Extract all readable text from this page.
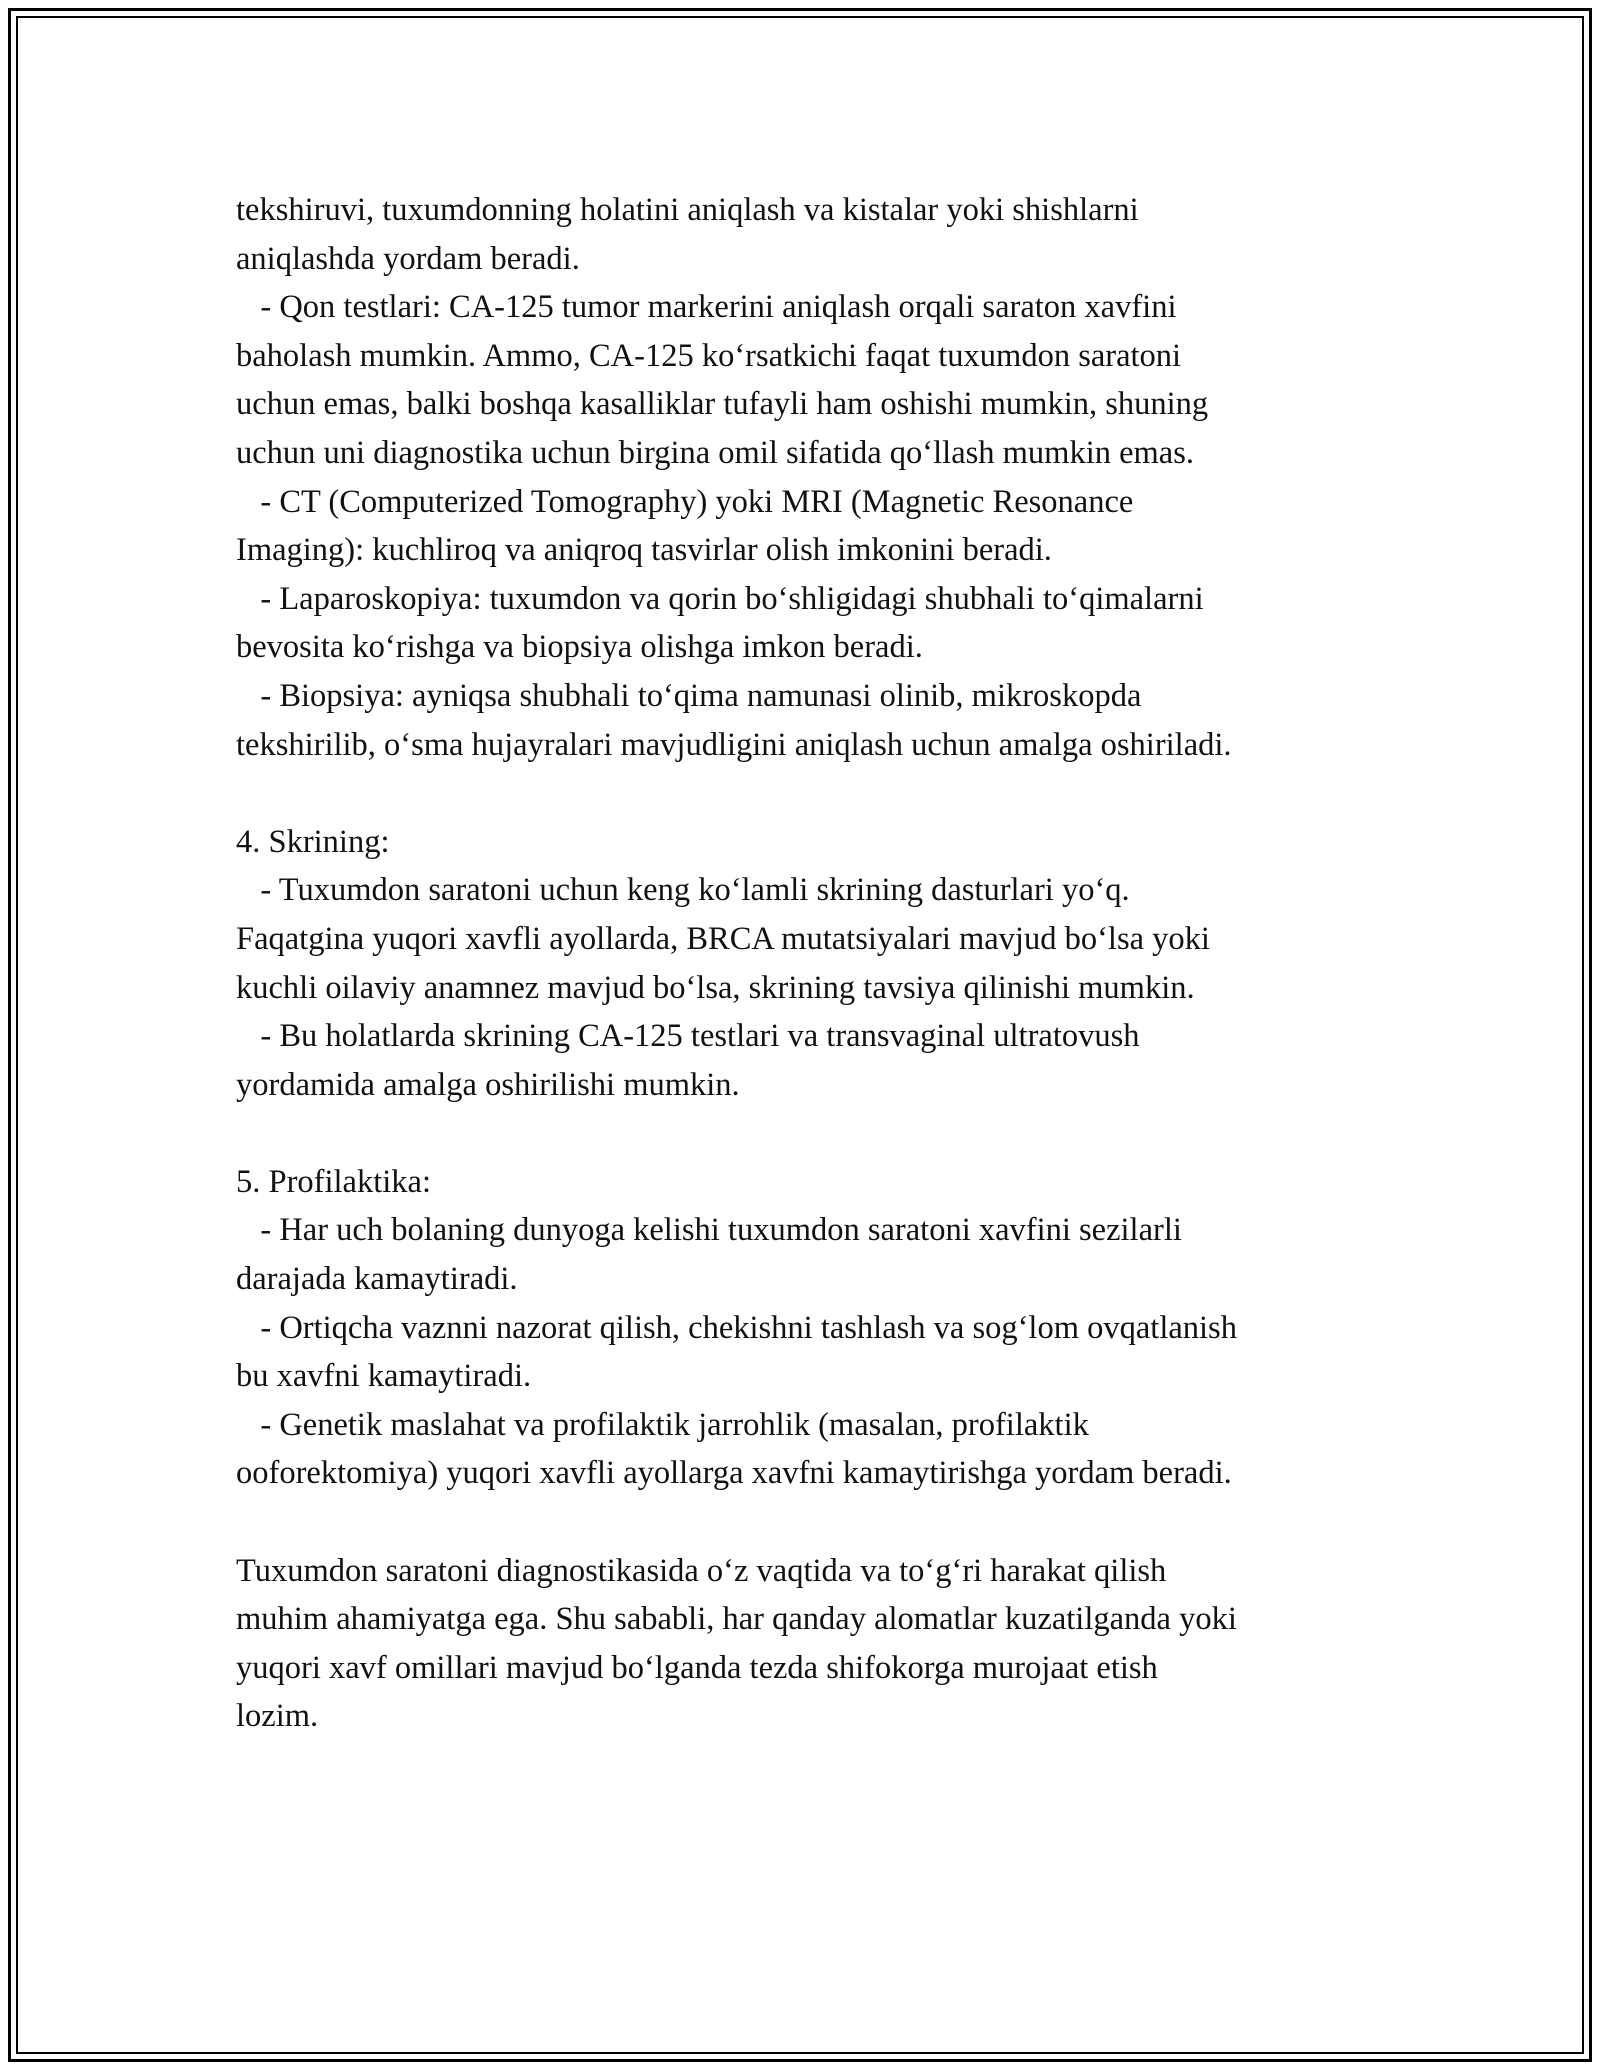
tekshiruvi, tuxumdonning holatini aniqlash va kistalar yoki shishlarni
aniqlashda yordam beradi.
- Qon testlari: CA-125 tumor markerini aniqlash orqali saraton xavfini
baholash mumkin. Ammo, CA-125 koʻrsatkichi faqat tuxumdon saratoni
uchun emas, balki boshqa kasalliklar tufayli ham oshishi mumkin, shuning
uchun uni diagnostika uchun birgina omil sifatida qoʻllash mumkin emas.
- CT (Computerized Tomography) yoki MRI (Magnetic Resonance
Imaging): kuchliroq va aniqroq tasvirlar olish imkonini beradi.
- Laparoskopiya: tuxumdon va qorin boʻshligidagi shubhali toʻqimalarni
bevosita koʻrishga va biopsiya olishga imkon beradi.
- Biopsiya: ayniqsa shubhali toʻqima namunasi olinib, mikroskopda
tekshirilib, oʻsma hujayralari mavjudligini aniqlash uchun amalga oshiriladi.
4. Skrining:
- Tuxumdon saratoni uchun keng koʻlamli skrining dasturlari yoʻq.
Faqatgina yuqori xavfli ayollarda, BRCA mutatsiyalari mavjud boʻlsa yoki
kuchli oilaviy anamnez mavjud boʻlsa, skrining tavsiya qilinishi mumkin.
- Bu holatlarda skrining CA-125 testlari va transvaginal ultratovush
yordamida amalga oshirilishi mumkin.
5. Profilaktika:
- Har uch bolaning dunyoga kelishi tuxumdon saratoni xavfini sezilarli
darajada kamaytiradi.
- Ortiqcha vaznni nazorat qilish, chekishni tashlash va sogʻlom ovqatlanish
bu xavfni kamaytiradi.
- Genetik maslahat va profilaktik jarrohlik (masalan, profilaktik
ooforektomiya) yuqori xavfli ayollarga xavfni kamaytirishga yordam beradi.
Tuxumdon saratoni diagnostikasida oʻz vaqtida va toʻgʻri harakat qilish
muhim ahamiyatga ega. Shu sababli, har qanday alomatlar kuzatilganda yoki
yuqori xavf omillari mavjud boʻlganda tezda shifokorga murojaat etish
lozim.
